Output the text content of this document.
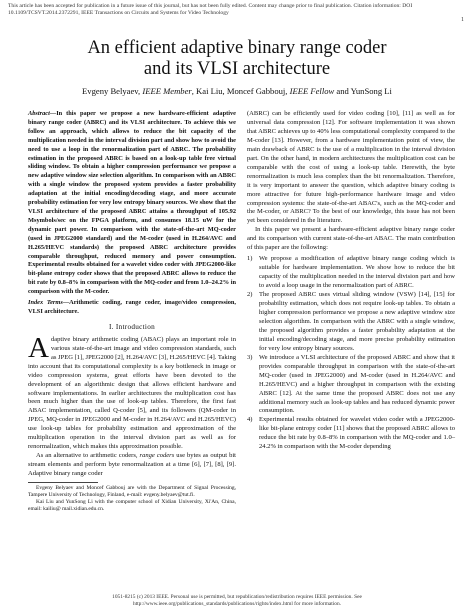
This article has been accepted for publication in a future issue of this journal, but has not been fully edited. Content may change prior to final publication. Citation information: DOI 10.1109/TCSVT.2014.2372291, IEEE Transactions on Circuits and Systems for Video Technology
1
An efficient adaptive binary range coder
and its VLSI architecture
Evgeny Belyaev, IEEE Member, Kai Liu, Moncef Gabbouj, IEEE Fellow and YunSong Li

Abstract—In this paper we propose a new hardware-efficient adaptive binary range coder (ABRC) and its VLSI architecture. To achieve this we follow an approach, which allows to reduce the bit capacity of the multiplication needed in the interval division part and show how to avoid the need to use a loop in the renormalization part of ABRC. The probability estimation in the proposed ABRC is based on a look-up table free virtual sliding window. To obtain a higher compression performance we propose a new adaptive window size selection algorithm. In comparison with an ABRC with a single window the proposed system provides a faster probability adaptation at the initial encoding/decoding stage, and more accurate probability estimation for very low entropy binary sources. We show that the VLSI architecture of the proposed ABRC attains a throughput of 105.92 Msymbols/sec on the FPGA platform, and consumes 18.15 uW for the dynamic part power. In comparison with the state-of-the-art MQ-coder (used in JPEG2000 standard) and the M-coder (used in H.264/AVC and H.265/HEVC standards) the proposed ABRC architecture provides comparable throughput, reduced memory and power consumption. Experimental results obtained for a wavelet video coder with JPEG2000-like bit-plane entropy coder shows that the proposed ABRC allows to reduce the bit rate by 0.8–8% in comparison with the MQ-coder and from 1.0–24.2% in comparison with the M-coder.

Index Terms—Arithmetic coding, range coder, image/video compression, VLSI architecture.

I. Introduction

Adaptive binary arithmetic coding (ABAC) plays an important role in various state-of-the-art image and video compression standards, such as JPEG [1], JPEG2000 [2], H.264/AVC [3], H.265/HEVC [4]. Taking into account that its computational complexity is a key bottleneck in image or video compression systems, great efforts have been devoted to the development of an algorithmic design that allows efficient hardware and software implementations. In earlier architectures the multiplication cost has been much higher than the use of look-up tables. Therefore, the first fast ABAC implementation, called Q-coder [5], and its followers (QM-coder in JPEG, MQ-coder in JPEG2000 and M-coder in H.264/AVC and H.265/HEVC) use look-up tables for probability estimation and approximation of the multiplication operation in the interval division part as well as for renormalization, which makes this approximation possible.

As an alternative to arithmetic coders, range coders use bytes as output bit stream elements and perform byte renormalization at a time [6], [7], [8], [9]. Adaptive binary range coder

Evgeny Belyaev and Moncef Gabbouj are with the Department of Signal Processing, Tampere University of Technology, Finland, e-mail: evgeny.belyaev@tut.fi.

Kai Liu and YunSong Li with the computer school of Xidian University, Xi'An, China, email: kailiu@ mail.xidian.edu.cn.

(ABRC) can be efficiently used for video coding [10], [11] as well as for universal data compression [12]. For software implementation it was shown that ABRC achieves up to 40% less computational complexity compared to the M-coder [13]. However, from a hardware implementation point of view, the main drawback of ABRC is the use of a multiplication in the interval division part. On the other hand, in modern architectures the multiplication cost can be comparable with the cost of using a look-up table. Herewith, the byte renormalization is much less complex than the bit renormalization. Therefore, it is very important to answer the question, which adaptive binary coding is more attractive for future high-performance hardware image and video compression systems: the state-of-the-art ABAC's, such as the MQ-coder and the M-coder, or ABRC? To the best of our knowledge, this issue has not been yet been considered in the literature.

In this paper we present a hardware-efficient adaptive binary range coder and its comparison with current state-of-the-art ABAC. The main contribution of this paper are the following:

1) We propose a modification of adaptive binary range coding which is suitable for hardware implementation. We show how to reduce the bit capacity of the multiplication needed in the interval division part and how to avoid a loop usage in the renormalization part of ABRC.
2) The proposed ABRC uses virtual sliding window (VSW) [14], [15] for probability estimation, which does not require look-up tables. To obtain a higher compression performance we propose a new adaptive window size selection algorithm. In comparison with the ABRC with a single window, the proposed algorithm provides a faster probability adaptation at the initial encoding/decoding stage, and more precise probability estimation for very low entropy binary sources.
3) We introduce a VLSI architecture of the proposed ABRC and show that it provides comparable throughput in comparison with the state-of-the-art MQ-coder (used in JPEG2000) and M-coder (used in H.264/AVC and H.265/HEVC) and a higher throughput in comparison with the existing ABRC [12]. At the same time the proposed ABRC does not use any additional memory such as look-up tables and has reduced dynamic power consumption.
4) Experimental results obtained for wavelet video coder with a JPEG2000-like bit-plane entropy coder [11] shows that the proposed ABRC allows to reduce the bit rate by 0.8–8% in comparison with the MQ-coder and 1.0–24.2% in comparison with the M-coder depending
1051-8215 (c) 2013 IEEE. Personal use is permitted, but republication/redistribution requires IEEE permission. See
http://www.ieee.org/publications_standards/publications/rights/index.html for more information.
